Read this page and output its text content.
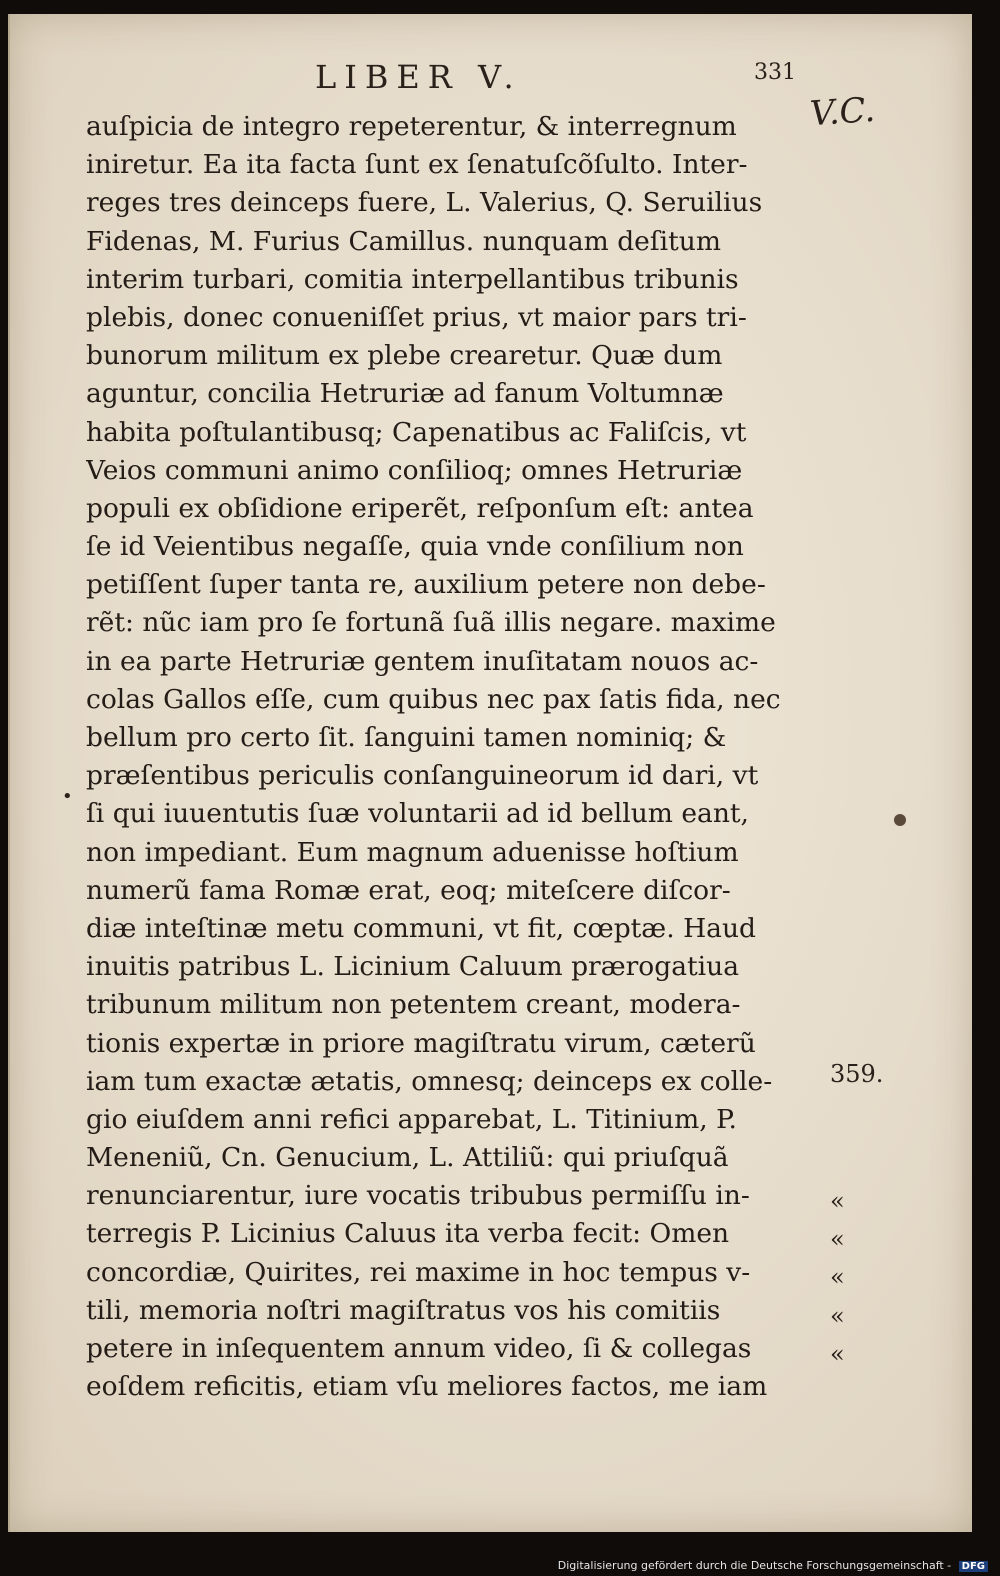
LIBER V.	331
V.C.
359.
•
«
«
«
«
«
auſpicia de integro repeterentur, & interregnum
iniretur. Ea ita facta ſunt ex ſenatuſcõſulto. Inter-
reges tres deinceps fuere, L. Valerius, Q. Seruilius
Fidenas, M. Furius Camillus. nunquam deſitum
interim turbari, comitia interpellantibus tribunis
plebis, donec conueniſſet prius, vt maior pars tri-
bunorum militum ex plebe crearetur. Quæ dum
aguntur, concilia Hetruriæ ad fanum Voltumnæ
habita poſtulantibusq; Capenatibus ac Faliſcis, vt
Veios communi animo conſilioq; omnes Hetruriæ
populi ex obſidione eriperẽt, reſponſum eſt: antea
ſe id Veientibus negaſſe, quia vnde conſilium non
petiſſent ſuper tanta re, auxilium petere non debe-
rẽt: nũc iam pro ſe fortunã ſuã illis negare. maxime
in ea parte Hetruriæ gentem inuſitatam nouos ac-
colas Gallos eſſe, cum quibus nec pax ſatis fida, nec
bellum pro certo ſit. ſanguini tamen nominiq; &
præſentibus periculis conſanguineorum id dari, vt
ſi qui iuuentutis ſuæ voluntarii ad id bellum eant,
non impediant. Eum magnum aduenisse hoſtium
numerũ fama Romæ erat, eoq; miteſcere diſcor-
diæ inteſtinæ metu communi, vt fit, cœptæ. Haud
inuitis patribus L. Licinium Caluum prærogatiua
tribunum militum non petentem creant, modera-
tionis expertæ in priore magiſtratu virum, cæterũ
iam tum exactæ ætatis, omnesq; deinceps ex colle-
gio eiuſdem anni refici apparebat, L. Titinium, P.
Meneniũ, Cn. Genucium, L. Attiliũ: qui priuſquã
renunciarentur, iure vocatis tribubus permiſſu in-
terregis P. Licinius Caluus ita verba fecit: Omen
concordiæ, Quirites, rei maxime in hoc tempus v-
tili, memoria noſtri magiſtratus vos his comitiis
petere in inſequentem annum video, ſi & collegas
eoſdem reficitis, etiam vſu meliores factos, me iam
Digitalisierung gefördert durch die Deutsche Forschungsgemeinschaft - DFG
